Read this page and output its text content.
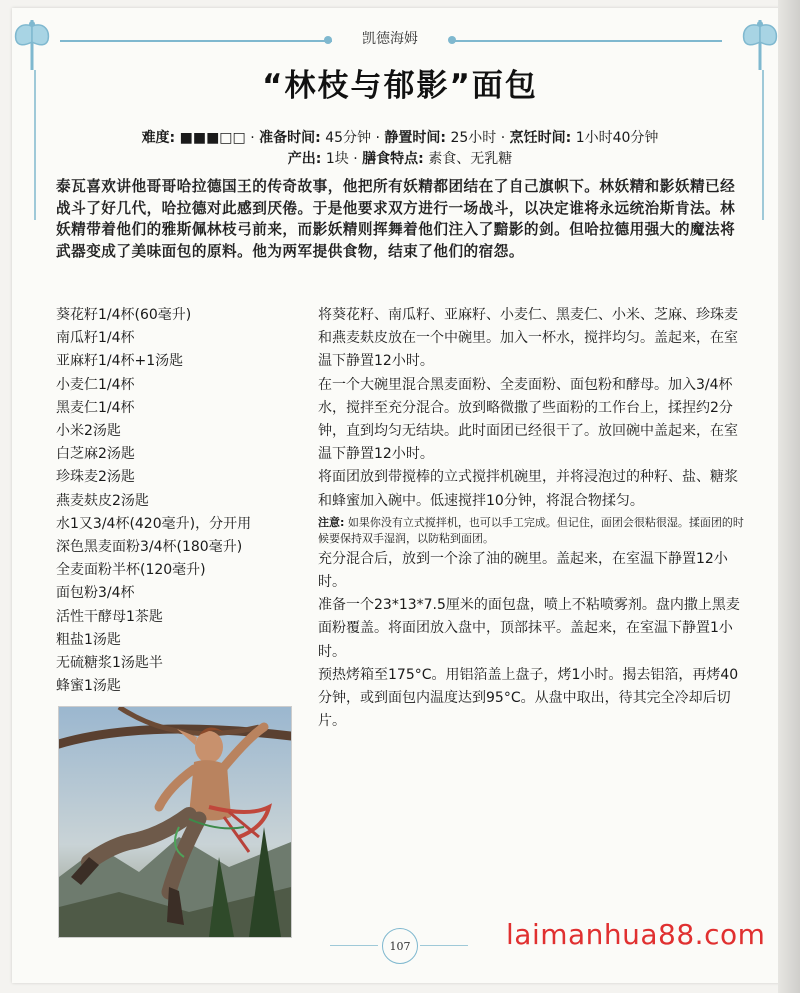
凯德海姆
“林枝与郁影”面包
难度: ■■■□□ · 准备时间: 45分钟 · 静置时间: 25小时 · 烹饪时间: 1小时40分钟
产出: 1块 · 膳食特点: 素食、无乳糖
泰瓦喜欢讲他哥哥哈拉德国王的传奇故事，他把所有妖精都团结在了自己旗帜下。林妖精和影妖精已经战斗了好几代，哈拉德对此感到厌倦。于是他要求双方进行一场战斗，以决定谁将永远统治斯肯法。林妖精带着他们的雅斯佩林枝弓前来，而影妖精则挥舞着他们注入了黯影的剑。但哈拉德用强大的魔法将武器变成了美味面包的原料。他为两军提供食物，结束了他们的宿怨。
葵花籽1/4杯(60毫升)
南瓜籽1/4杯
亚麻籽1/4杯+1汤匙
小麦仁1/4杯
黑麦仁1/4杯
小米2汤匙
白芝麻2汤匙
珍珠麦2汤匙
燕麦麸皮2汤匙
水1又3/4杯(420毫升)，分开用
深色黑麦面粉3/4杯(180毫升)
全麦面粉半杯(120毫升)
面包粉3/4杯
活性干酵母1茶匙
粗盐1汤匙
无硫糖浆1汤匙半
蜂蜜1汤匙

将葵花籽、南瓜籽、亚麻籽、小麦仁、黑麦仁、小米、芝麻、珍珠麦和燕麦麸皮放在一个中碗里。加入一杯水，搅拌均匀。盖起来，在室温下静置12小时。

在一个大碗里混合黑麦面粉、全麦面粉、面包粉和酵母。加入3/4杯水，搅拌至充分混合。放到略微撒了些面粉的工作台上，揉捏约2分钟，直到均匀无结块。此时面团已经很干了。放回碗中盖起来，在室温下静置12小时。

将面团放到带搅棒的立式搅拌机碗里，并将浸泡过的种籽、盐、糖浆和蜂蜜加入碗中。低速搅拌10分钟，将混合物揉匀。

注意: 如果你没有立式搅拌机，也可以手工完成。但记住，面团会很粘很湿。揉面团的时候要保持双手湿润，以防粘到面团。

充分混合后，放到一个涂了油的碗里。盖起来，在室温下静置12小时。

准备一个23*13*7.5厘米的面包盘，喷上不粘喷雾剂。盘内撒上黑麦面粉覆盖。将面团放入盘中，顶部抹平。盖起来，在室温下静置1小时。

预热烤箱至175°C。用铝箔盖上盘子，烤1小时。揭去铝箔，再烤40分钟，或到面包内温度达到95°C。从盘中取出，待其完全冷却后切片。

107	laimanhua88.com
